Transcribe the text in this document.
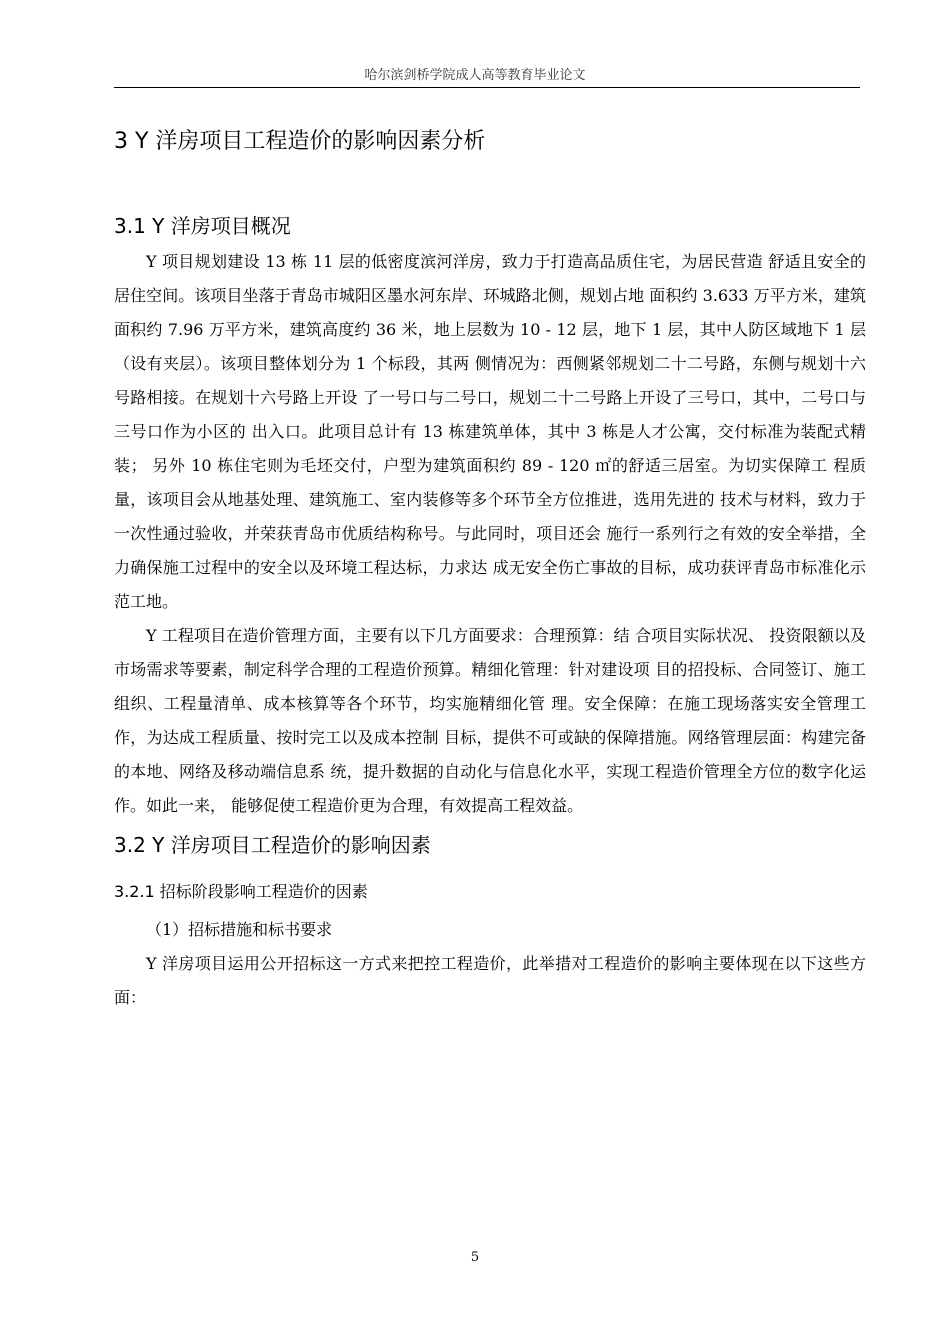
哈尔滨剑桥学院成人高等教育毕业论文
3 Y 洋房项目工程造价的影响因素分析
3.1 Y 洋房项目概况

Y 项目规划建设 13 栋 11 层的低密度滨河洋房，致力于打造高品质住宅，为居民营造 舒适且安全的居住空间。该项目坐落于青岛市城阳区墨水河东岸、环城路北侧，规划占地 面积约 3.633 万平方米，建筑面积约 7.96 万平方米，建筑高度约 36 米，地上层数为 10 - 12 层，地下 1 层，其中人防区域地下 1 层（设有夹层）。该项目整体划分为 1 个标段，其两 侧情况为：西侧紧邻规划二十二号路，东侧与规划十六号路相接。在规划十六号路上开设 了一号口与二号口，规划二十二号路上开设了三号口，其中，二号口与三号口作为小区的 出入口。此项目总计有 13 栋建筑单体，其中 3 栋是人才公寓，交付标准为装配式精装； 另外 10 栋住宅则为毛坯交付，户型为建筑面积约 89 - 120 ㎡的舒适三居室。为切实保障工 程质量，该项目会从地基处理、建筑施工、室内装修等多个环节全方位推进，选用先进的 技术与材料，致力于一次性通过验收，并荣获青岛市优质结构称号。与此同时，项目还会 施行一系列行之有效的安全举措，全力确保施工过程中的安全以及环境工程达标，力求达 成无安全伤亡事故的目标，成功获评青岛市标准化示范工地。

Y 工程项目在造价管理方面，主要有以下几方面要求：合理预算：结 合项目实际状况、 投资限额以及市场需求等要素，制定科学合理的工程造价预算。精细化管理：针对建设项 目的招投标、合同签订、施工组织、工程量清单、成本核算等各个环节，均实施精细化管 理。安全保障：在施工现场落实安全管理工作，为达成工程质量、按时完工以及成本控制 目标，提供不可或缺的保障措施。网络管理层面：构建完备的本地、网络及移动端信息系 统，提升数据的自动化与信息化水平，实现工程造价管理全方位的数字化运作。如此一来， 能够促使工程造价更为合理，有效提高工程效益。

3.2 Y 洋房项目工程造价的影响因素
3.2.1 招标阶段影响工程造价的因素

（1）招标措施和标书要求

Y 洋房项目运用公开招标这一方式来把控工程造价，此举措对工程造价的影响主要体现在以下这些方面：

5
